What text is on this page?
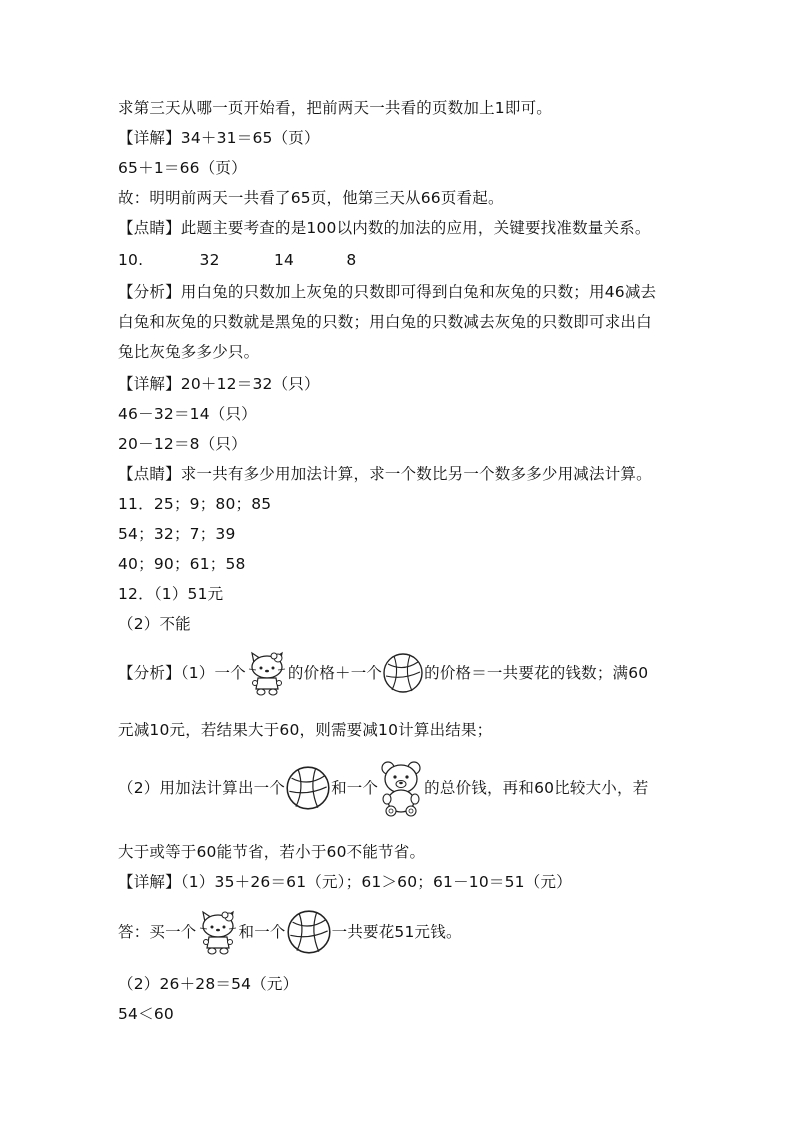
求第三天从哪一页开始看，把前两天一共看的页数加上1即可。
【详解】34＋31＝65（页）
65＋1＝66（页）
故：明明前两天一共看了65页，他第三天从66页看起。
【点睛】此题主要考查的是100以内数的加法的应用，关键要找准数量关系。
10.	32	14	8
【分析】用白兔的只数加上灰兔的只数即可得到白兔和灰兔的只数；用46减去
白兔和灰兔的只数就是黑兔的只数；用白兔的只数减去灰兔的只数即可求出白
兔比灰兔多多少只。
【详解】20＋12＝32（只）
46－32＝14（只）
20－12＝8（只）
【点睛】求一共有多少用加法计算，求一个数比另一个数多多少用减法计算。
11．25；9；80；85
54；32；7；39
40；90；61；58
12．（1）51元
（2）不能
【分析】（1）一个	的价格＋一个	的价格＝一共要花的钱数；满60
元减10元，若结果大于60，则需要减10计算出结果；
（2）用加法计算出一个	和一个	的总价钱，再和60比较大小，若
大于或等于60能节省，若小于60不能节省。
【详解】（1）35＋26＝61（元）；61＞60；61－10＝51（元）
答：买一个	和一个	一共要花51元钱。
（2）26＋28＝54（元）
54＜60
